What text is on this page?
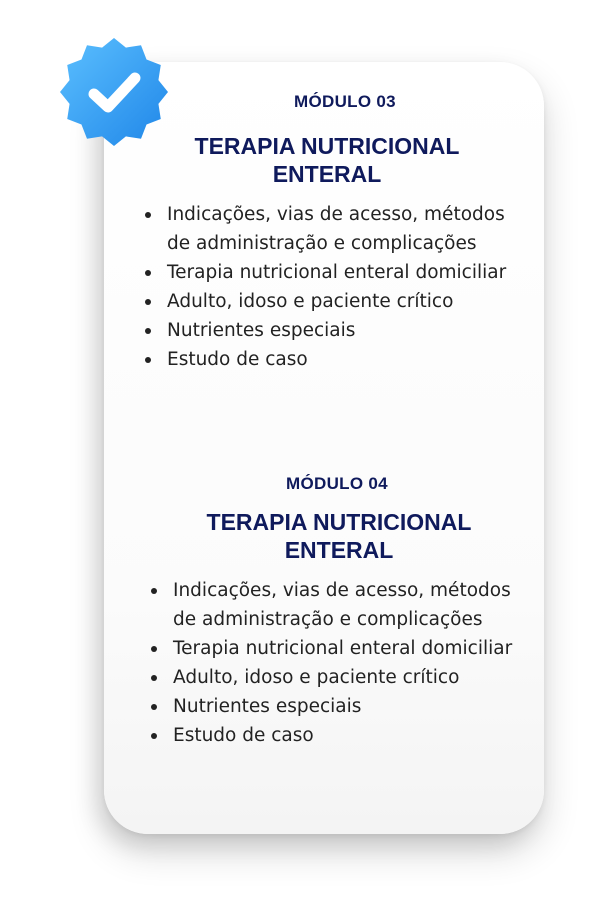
MÓDULO 03
TERAPIA NUTRICIONAL
ENTERAL
Indicações, vias de acesso, métodos de administração e complicações
Terapia nutricional enteral domiciliar
Adulto, idoso e paciente crítico
Nutrientes especiais
Estudo de caso
MÓDULO 04
TERAPIA NUTRICIONAL
ENTERAL
Indicações, vias de acesso, métodos de administração e complicações
Terapia nutricional enteral domiciliar
Adulto, idoso e paciente crítico
Nutrientes especiais
Estudo de caso
